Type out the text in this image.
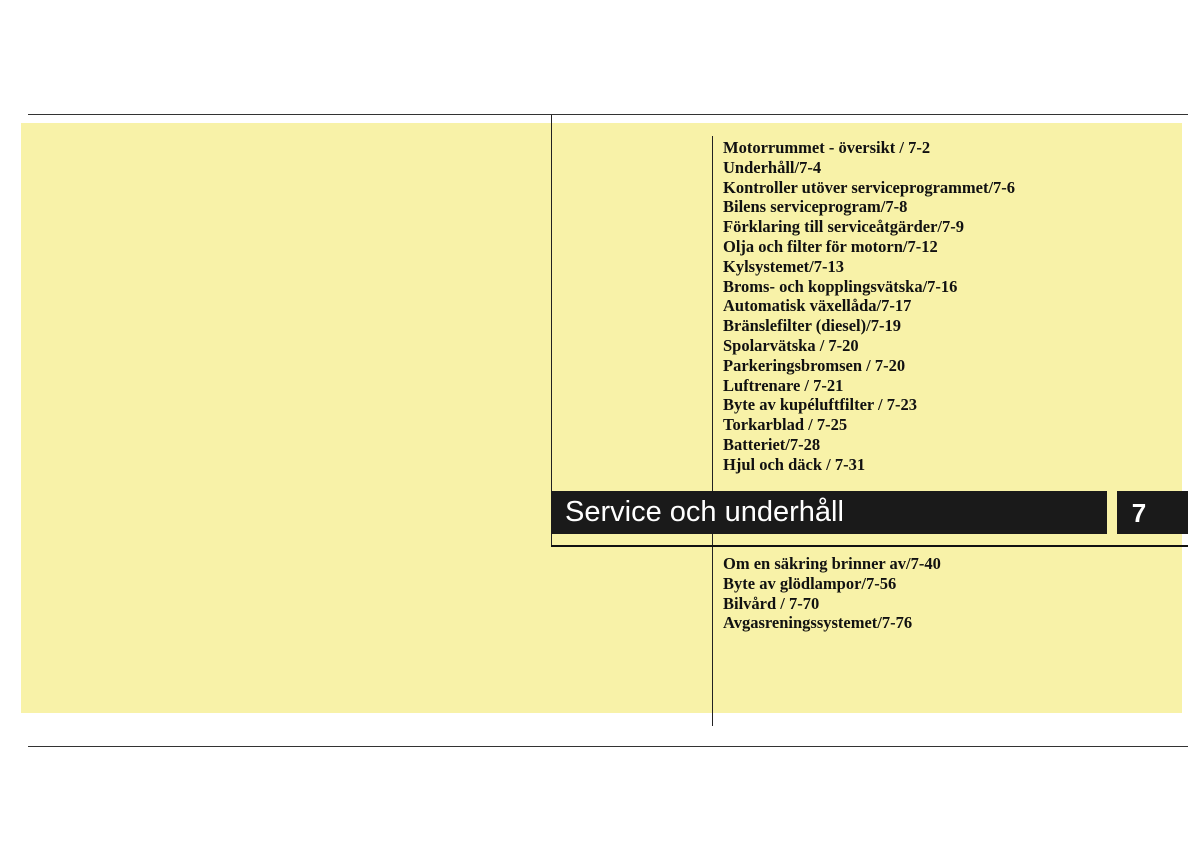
Motorrummet - översikt / 7-2
Underhåll/7-4
Kontroller utöver serviceprogrammet/7-6
Bilens serviceprogram/7-8
Förklaring till serviceåtgärder/7-9
Olja och filter för motorn/7-12
Kylsystemet/7-13
Broms- och kopplingsvätska/7-16
Automatisk växellåda/7-17
Bränslefilter (diesel)/7-19
Spolarvätska / 7-20
Parkeringsbromsen / 7-20
Luftrenare / 7-21
Byte av kupéluftfilter / 7-23
Torkarblad / 7-25
Batteriet/7-28
Hjul och däck / 7-31
Service och underhåll	7
Om en säkring brinner av/7-40
Byte av glödlampor/7-56
Bilvård / 7-70
Avgasreningssystemet/7-76
